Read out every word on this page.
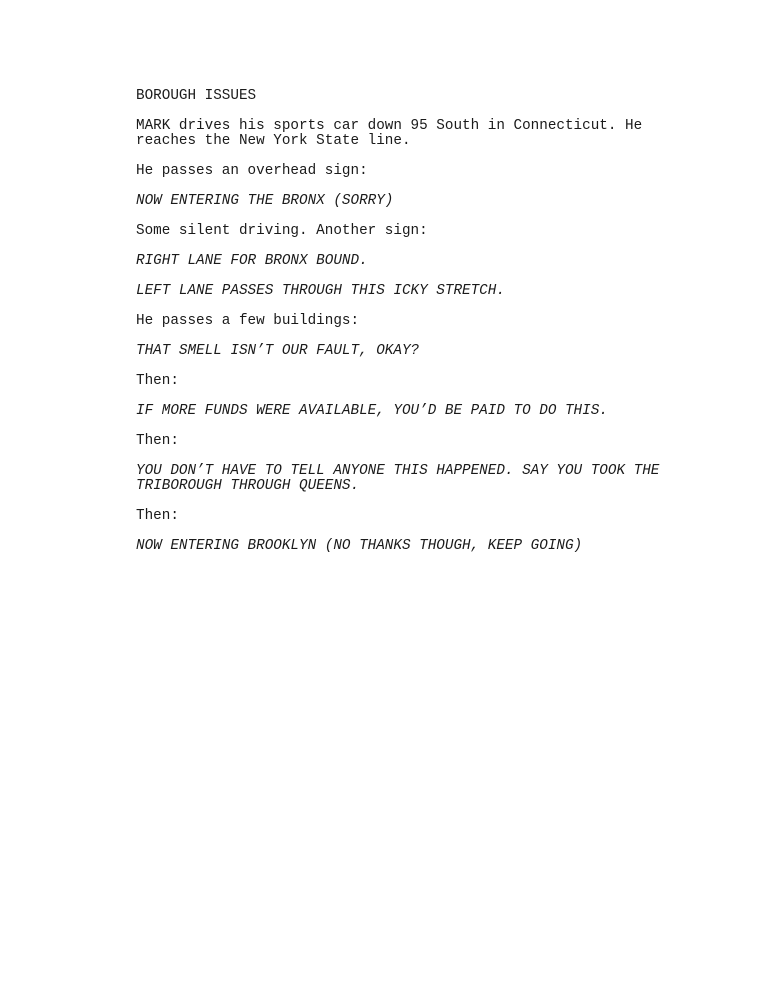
BOROUGH ISSUES
MARK drives his sports car down 95 South in Connecticut. He
reaches the New York State line.
He passes an overhead sign:
NOW ENTERING THE BRONX (SORRY)
Some silent driving. Another sign:
RIGHT LANE FOR BRONX BOUND.
LEFT LANE PASSES THROUGH THIS ICKY STRETCH.
He passes a few buildings:
THAT SMELL ISN’T OUR FAULT, OKAY?
Then:
IF MORE FUNDS WERE AVAILABLE, YOU’D BE PAID TO DO THIS.
Then:
YOU DON’T HAVE TO TELL ANYONE THIS HAPPENED. SAY YOU TOOK THE
TRIBOROUGH THROUGH QUEENS.
Then:
NOW ENTERING BROOKLYN (NO THANKS THOUGH, KEEP GOING)
